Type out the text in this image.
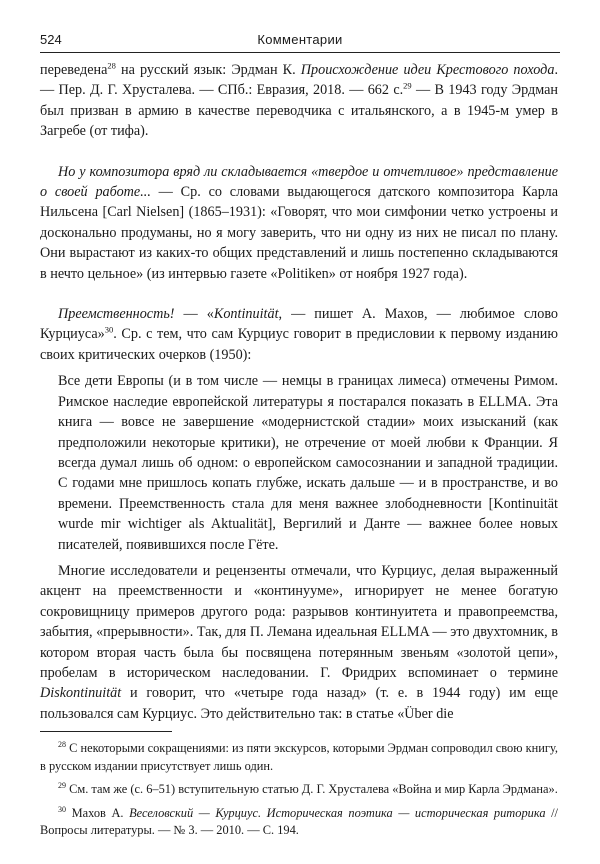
524	Комментарии

переведена$^{28}$ на русский язык: Эрдман К. Происхождение идеи Крестового похода. — Пер. Д. Г. Хрусталева. — СПб.: Евразия, 2018. — 662 с.$^{29}$ — В 1943 году Эрдман был призван в армию в качестве переводчика с итальянского, а в 1945-м умер в Загребе (от тифа).

Но у композитора вряд ли складывается «твердое и отчетливое» представление о своей работе... — Ср. со словами выдающегося датского композитора Карла Нильсена [Carl Nielsen] (1865–1931): «Говорят, что мои симфонии четко устроены и досконально продуманы, но я могу заверить, что ни одну из них не писал по плану. Они вырастают из каких-то общих представлений и лишь постепенно складываются в нечто цельное» (из интервью газете «Politiken» от ноября 1927 года).

Преемственность! — «Kontinuität, — пишет А. Махов, — любимое слово Курциуса»$^{30}$. Ср. с тем, что сам Курциус говорит в предисловии к первому изданию своих критических очерков (1950):

Все дети Европы (и в том числе — немцы в границах лимеса) отмечены Римом. Римское наследие европейской литературы я постарался показать в ELLMA. Эта книга — вовсе не завершение «модернистской стадии» моих изысканий (как предположили некоторые критики), не отречение от моей любви к Франции. Я всегда думал лишь об одном: о европейском самосознании и западной традиции. С годами мне пришлось копать глубже, искать дальше — и в пространстве, и во времени. Преемственность стала для меня важнее злободневности [Kontinuität wurde mir wichtiger als Aktualität], Вергилий и Данте — важнее более новых писателей, появившихся после Гёте.

Многие исследователи и рецензенты отмечали, что Курциус, делая выраженный акцент на преемственности и «континууме», игнорирует не менее богатую сокровищницу примеров другого рода: разрывов континуитета и правопреемства, забытия, «прерывности». Так, для П. Лемана идеальная ELLMA — это двухтомник, в котором вторая часть была бы посвящена потерянным звеньям «золотой цепи», пробелам в историческом наследовании. Г. Фридрих вспоминает о термине Diskontinuität и говорит, что «четыре года назад» (т. е. в 1944 году) им еще пользовался сам Курциус. Это действительно так: в статье «Über die

$^{28}$ С некоторыми сокращениями: из пяти экскурсов, которыми Эрдман сопроводил свою книгу, в русском издании присутствует лишь один.

$^{29}$ См. там же (с. 6–51) вступительную статью Д. Г. Хрусталева «Война и мир Карла Эрдмана».

$^{30}$ Махов А. Веселовский — Курциус. Историческая поэтика — историческая риторика // Вопросы литературы. — № 3. — 2010. — С. 194.
